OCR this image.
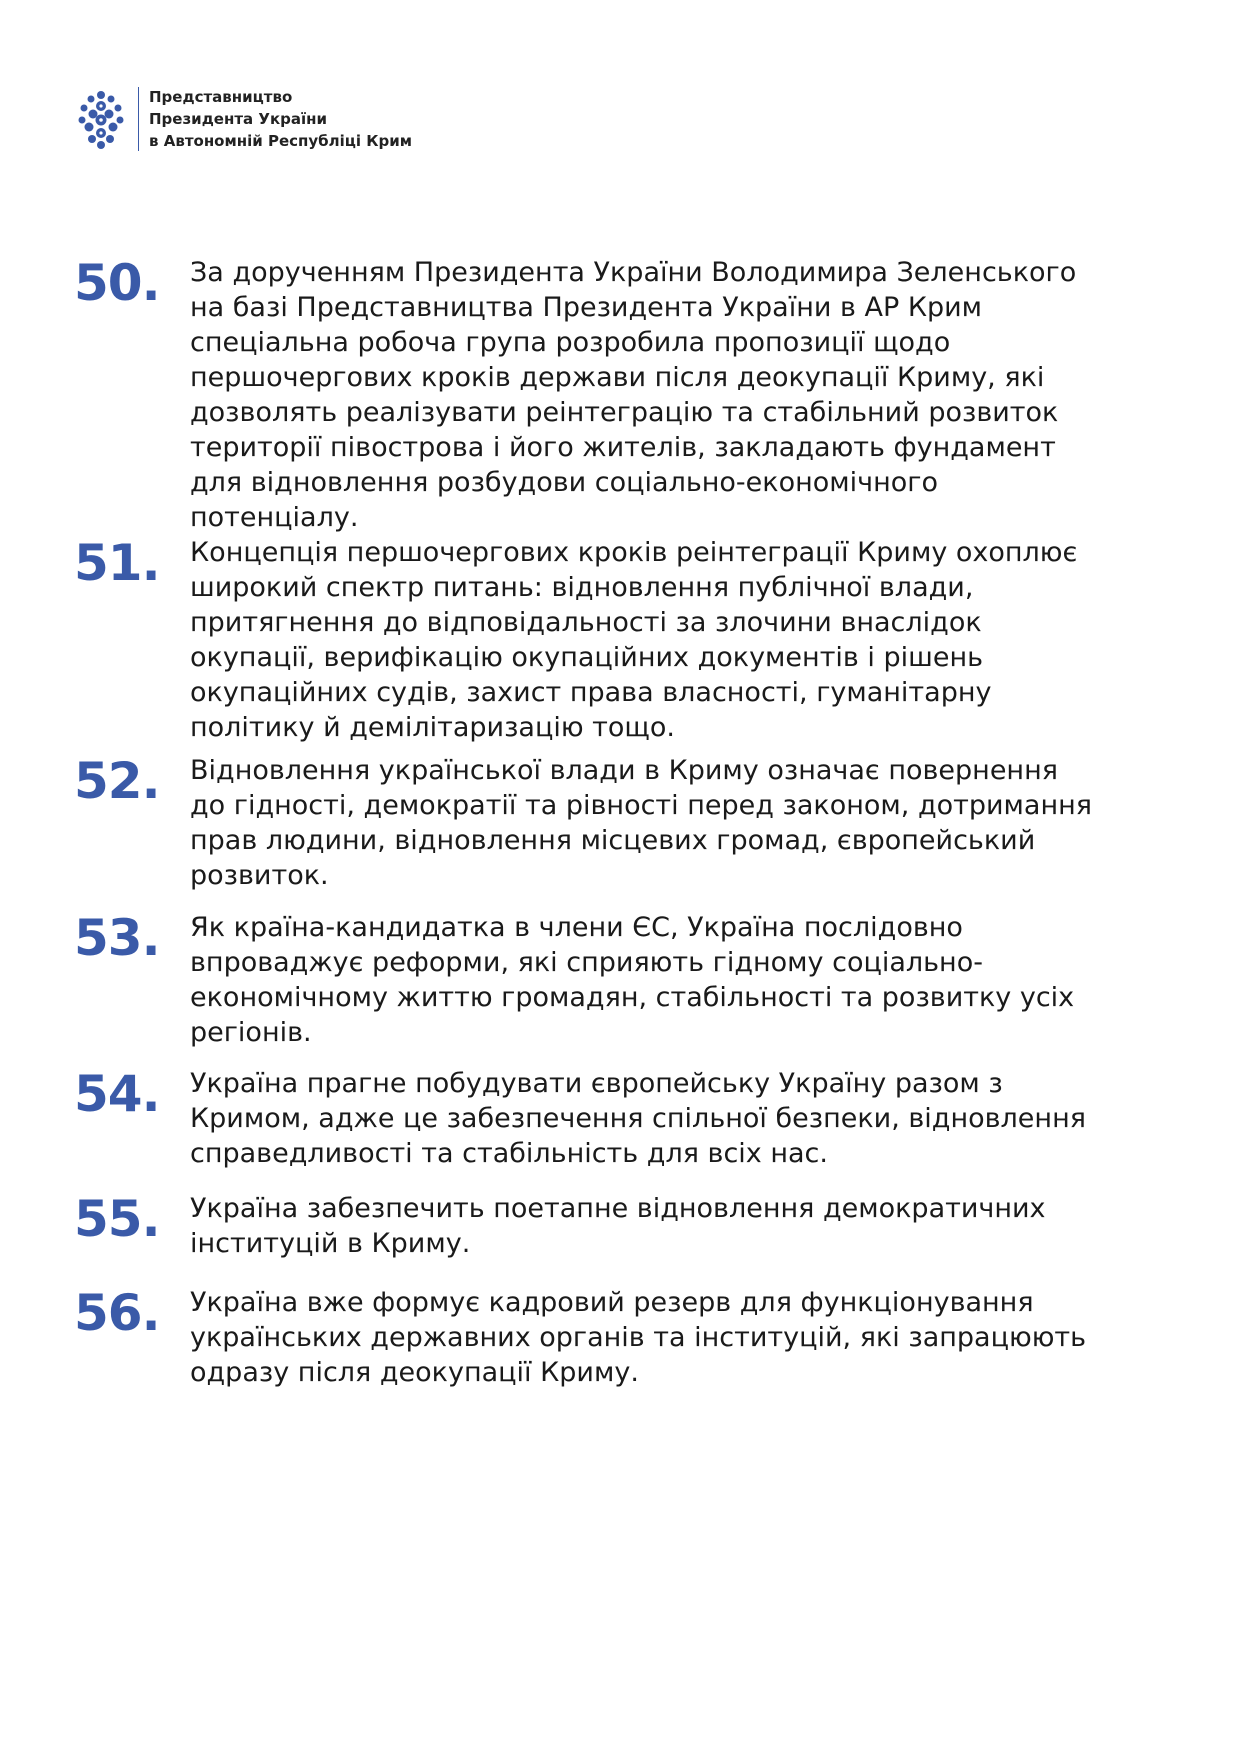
Представництво
Президента України
в Автономній Республіці Крим
50. За дорученням Президента України Володимира Зеленського
на базі Представництва Президента України в АР Крим
спеціальна робоча група розробила пропозиції щодо
першочергових кроків держави після деокупації Криму, які
дозволять реалізувати реінтеграцію та стабільний розвиток
території півострова і його жителів, закладають фундамент
для відновлення розбудови соціально-економічного
потенціалу.
51. Концепція першочергових кроків реінтеграції Криму охоплює
широкий спектр питань: відновлення публічної влади,
притягнення до відповідальності за злочини внаслідок
окупації, верифікацію окупаційних документів і рішень
окупаційних судів, захист права власності, гуманітарну
політику й демілітаризацію тощо.
52. Відновлення української влади в Криму означає повернення
до гідності, демократії та рівності перед законом, дотримання
прав людини, відновлення місцевих громад, європейський
розвиток.
53. Як країна-кандидатка в члени ЄС, Україна послідовно
впроваджує реформи, які сприяють гідному соціально-
економічному життю громадян, стабільності та розвитку усіх
регіонів.
54. Україна прагне побудувати європейську Україну разом з
Кримом, адже це забезпечення спільної безпеки, відновлення
справедливості та стабільність для всіх нас.
55. Україна забезпечить поетапне відновлення демократичних
інституцій в Криму.
56. Україна вже формує кадровий резерв для функціонування
українських державних органів та інституцій, які запрацюють
одразу після деокупації Криму.
